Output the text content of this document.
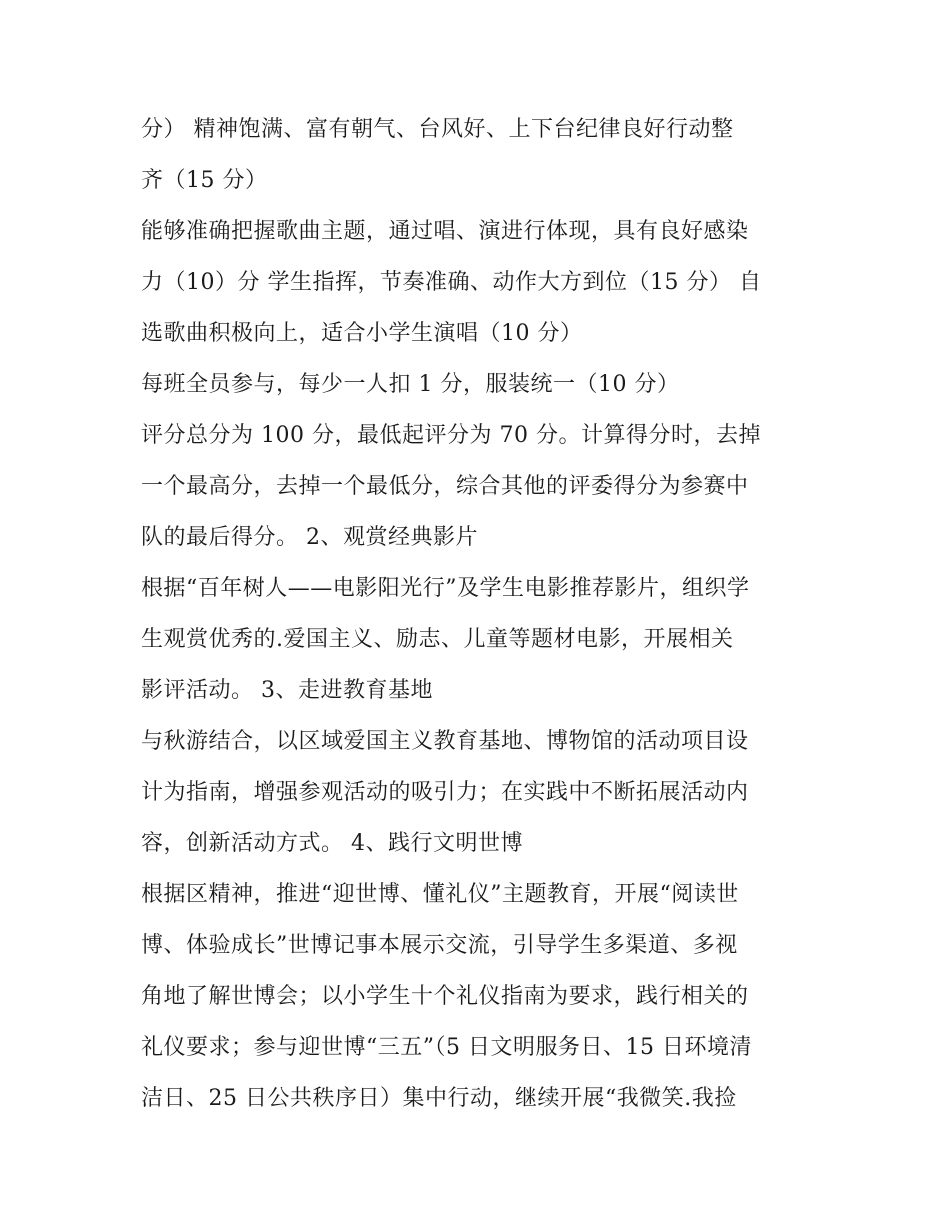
分） 精神饱满、富有朝气、台风好、上下台纪律良好行动整
齐（15 分）
能够准确把握歌曲主题，通过唱、演进行体现，具有良好感染
力（10）分 学生指挥，节奏准确、动作大方到位（15 分） 自
选歌曲积极向上，适合小学生演唱（10 分）
每班全员参与，每少一人扣 1 分，服装统一（10 分）
评分总分为 100 分，最低起评分为 70 分。计算得分时，去掉
一个最高分，去掉一个最低分，综合其他的评委得分为参赛中
队的最后得分。 2、观赏经典影片
根据“百年树人——电影阳光行”及学生电影推荐影片，组织学
生观赏优秀的.爱国主义、励志、儿童等题材电影，开展相关
影评活动。 3、走进教育基地
与秋游结合，以区域爱国主义教育基地、博物馆的活动项目设
计为指南，增强参观活动的吸引力；在实践中不断拓展活动内
容，创新活动方式。 4、践行文明世博
根据区精神，推进“迎世博、懂礼仪”主题教育，开展“阅读世
博、体验成长”世博记事本展示交流，引导学生多渠道、多视
角地了解世博会；以小学生十个礼仪指南为要求，践行相关的
礼仪要求；参与迎世博“三五”（5 日文明服务日、15 日环境清
洁日、25 日公共秩序日）集中行动，继续开展“我微笑.我捡
